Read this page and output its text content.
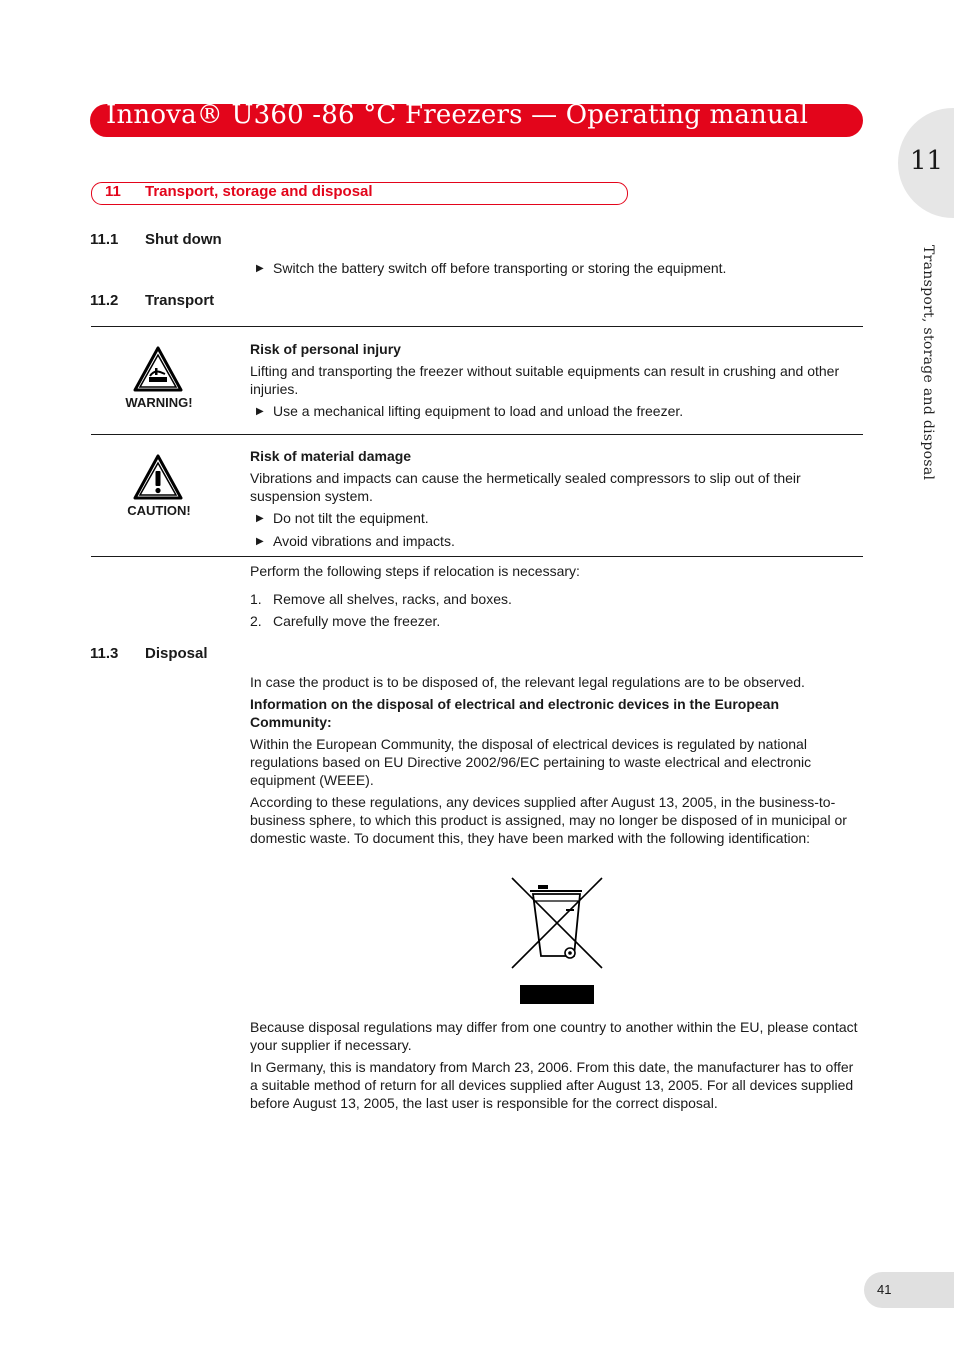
Innova® U360 -86 °C Freezers — Operating manual
11
Transport, storage and disposal
11 Transport, storage and disposal
11.1 Shut down
▶ Switch the battery switch off before transporting or storing the equipment.
11.2 Transport
WARNING!
Risk of personal injury
Lifting and transporting the freezer without suitable equipments can result in crushing and other injuries.
▶ Use a mechanical lifting equipment to load and unload the freezer.
CAUTION!
Risk of material damage
Vibrations and impacts can cause the hermetically sealed compressors to slip out of their suspension system.
▶ Do not tilt the equipment.
▶ Avoid vibrations and impacts.
Perform the following steps if relocation is necessary:
1. Remove all shelves, racks, and boxes.
2. Carefully move the freezer.
11.3 Disposal
In case the product is to be disposed of, the relevant legal regulations are to be observed.
Information on the disposal of electrical and electronic devices in the European Community:
Within the European Community, the disposal of electrical devices is regulated by national regulations based on EU Directive 2002/96/EC pertaining to waste electrical and electronic equipment (WEEE).
According to these regulations, any devices supplied after August 13, 2005, in the business-to-business sphere, to which this product is assigned, may no longer be disposed of in municipal or domestic waste. To document this, they have been marked with the following identification:
Because disposal regulations may differ from one country to another within the EU, please contact your supplier if necessary.
In Germany, this is mandatory from March 23, 2006. From this date, the manufacturer has to offer a suitable method of return for all devices supplied after August 13, 2005. For all devices supplied before August 13, 2005, the last user is responsible for the correct disposal.
41
